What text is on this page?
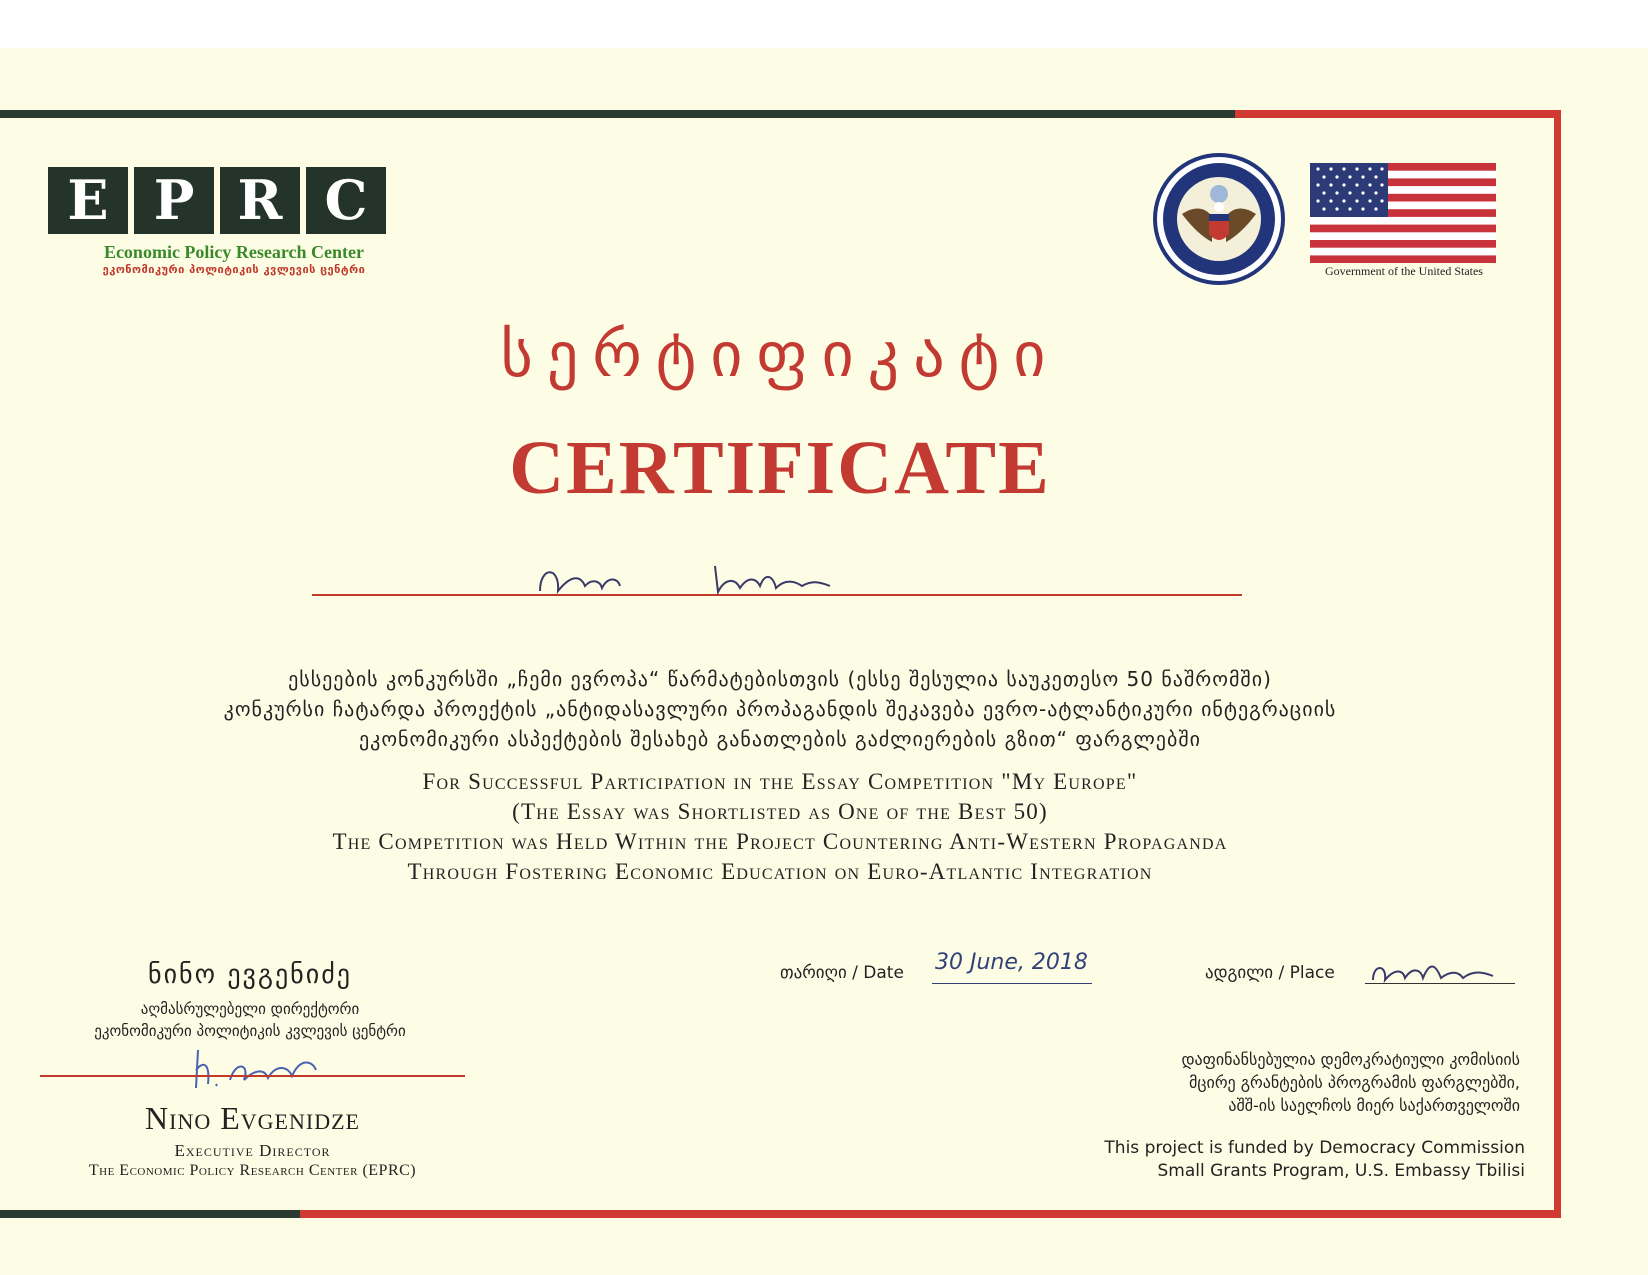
E P R C
Economic Policy Research Center
ეკონომიკური პოლიტიკის კვლევის ცენტრი	Government of the United States
სერტიფიკატი
CERTIFICATE
ესსეების კონკურსში „ჩემი ევროპა“ წარმატებისთვის (ესსე შესულია საუკეთესო 50 ნაშრომში)
კონკურსი ჩატარდა პროექტის „ანტიდასავლური პროპაგანდის შეკავება ევრო-ატლანტიკური ინტეგრაციის
ეკონომიკური ასპექტების შესახებ განათლების გაძლიერების გზით“ ფარგლებში
For Successful Participation in the Essay Competition "My Europe"
(The Essay was Shortlisted as One of the Best 50)
The Competition was Held Within the Project Countering Anti-Western Propaganda
Through Fostering Economic Education on Euro-Atlantic Integration
ნინო ევგენიძე
აღმასრულებელი დირექტორი
ეკონომიკური პოლიტიკის კვლევის ცენტრი
Nino Evgenidze
Executive Director
The Economic Policy Research Center (EPRC)
თარიღი / Date 30 June, 2018	ადგილი / Place
დაფინანსებულია დემოკრატიული კომისიის
მცირე გრანტების პროგრამის ფარგლებში,
აშშ-ის საელჩოს მიერ საქართველოში
This project is funded by Democracy Commission
Small Grants Program, U.S. Embassy Tbilisi
